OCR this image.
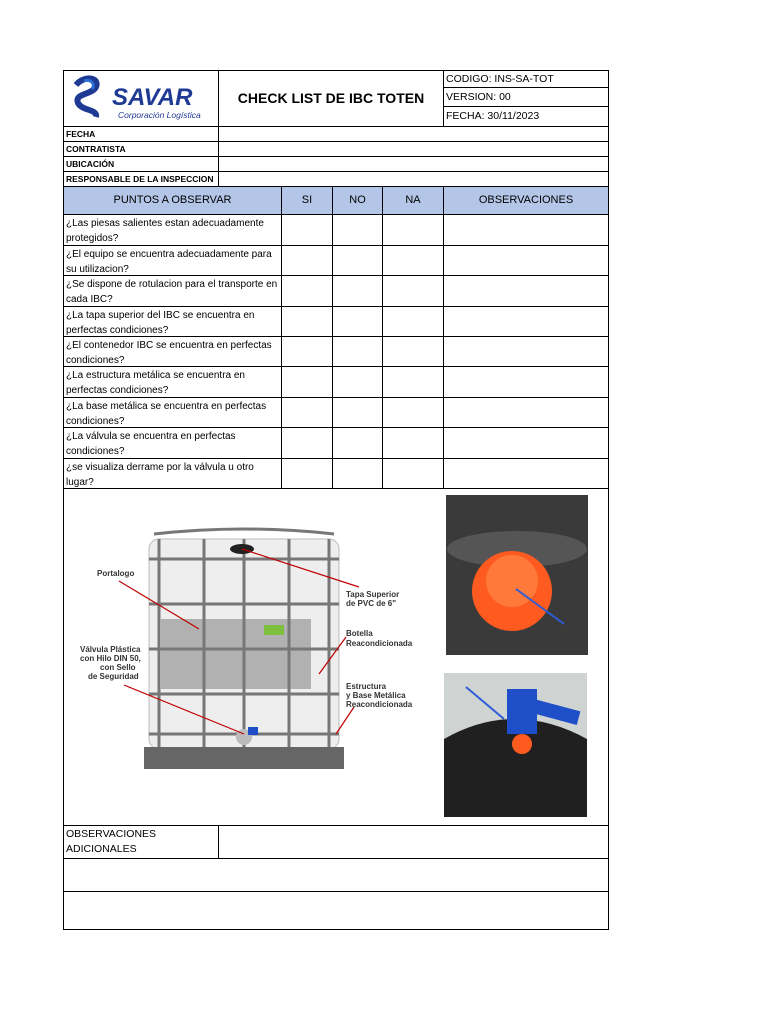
SAVAR
Corporación Logística
CHECK LIST DE IBC TOTEN
CODIGO: INS-SA-TOT
VERSION: 00
FECHA: 30/11/2023
FECHA
CONTRATISTA
UBICACIÓN
RESPONSABLE DE LA INSPECCION
PUNTOS A OBSERVAR	SI	NO	NA	OBSERVACIONES
¿Las piesas salientes estan adecuadamente protegidos?
¿El equipo se encuentra adecuadamente para su utilizacion?
¿Se dispone de rotulacion para el transporte en cada IBC?
¿La tapa superior del IBC se encuentra en perfectas condiciones?
¿El contenedor IBC se encuentra en perfectas condiciones?
¿La estructura metálica se encuentra en perfectas condiciones?
¿La base metálica se encuentra en perfectas condiciones?
¿La válvula se encuentra en perfectas condiciones?
¿se visualiza derrame por la válvula u otro lugar?
Portalogo
Tapa Superior
de PVC de 6"
Botella
Reacondicionada
Válvula Plástica
con Hilo DIN 50,
con Sello
de Seguridad
Estructura
y Base Metálica
Reacondicionada
OBSERVACIONES ADICIONALES
